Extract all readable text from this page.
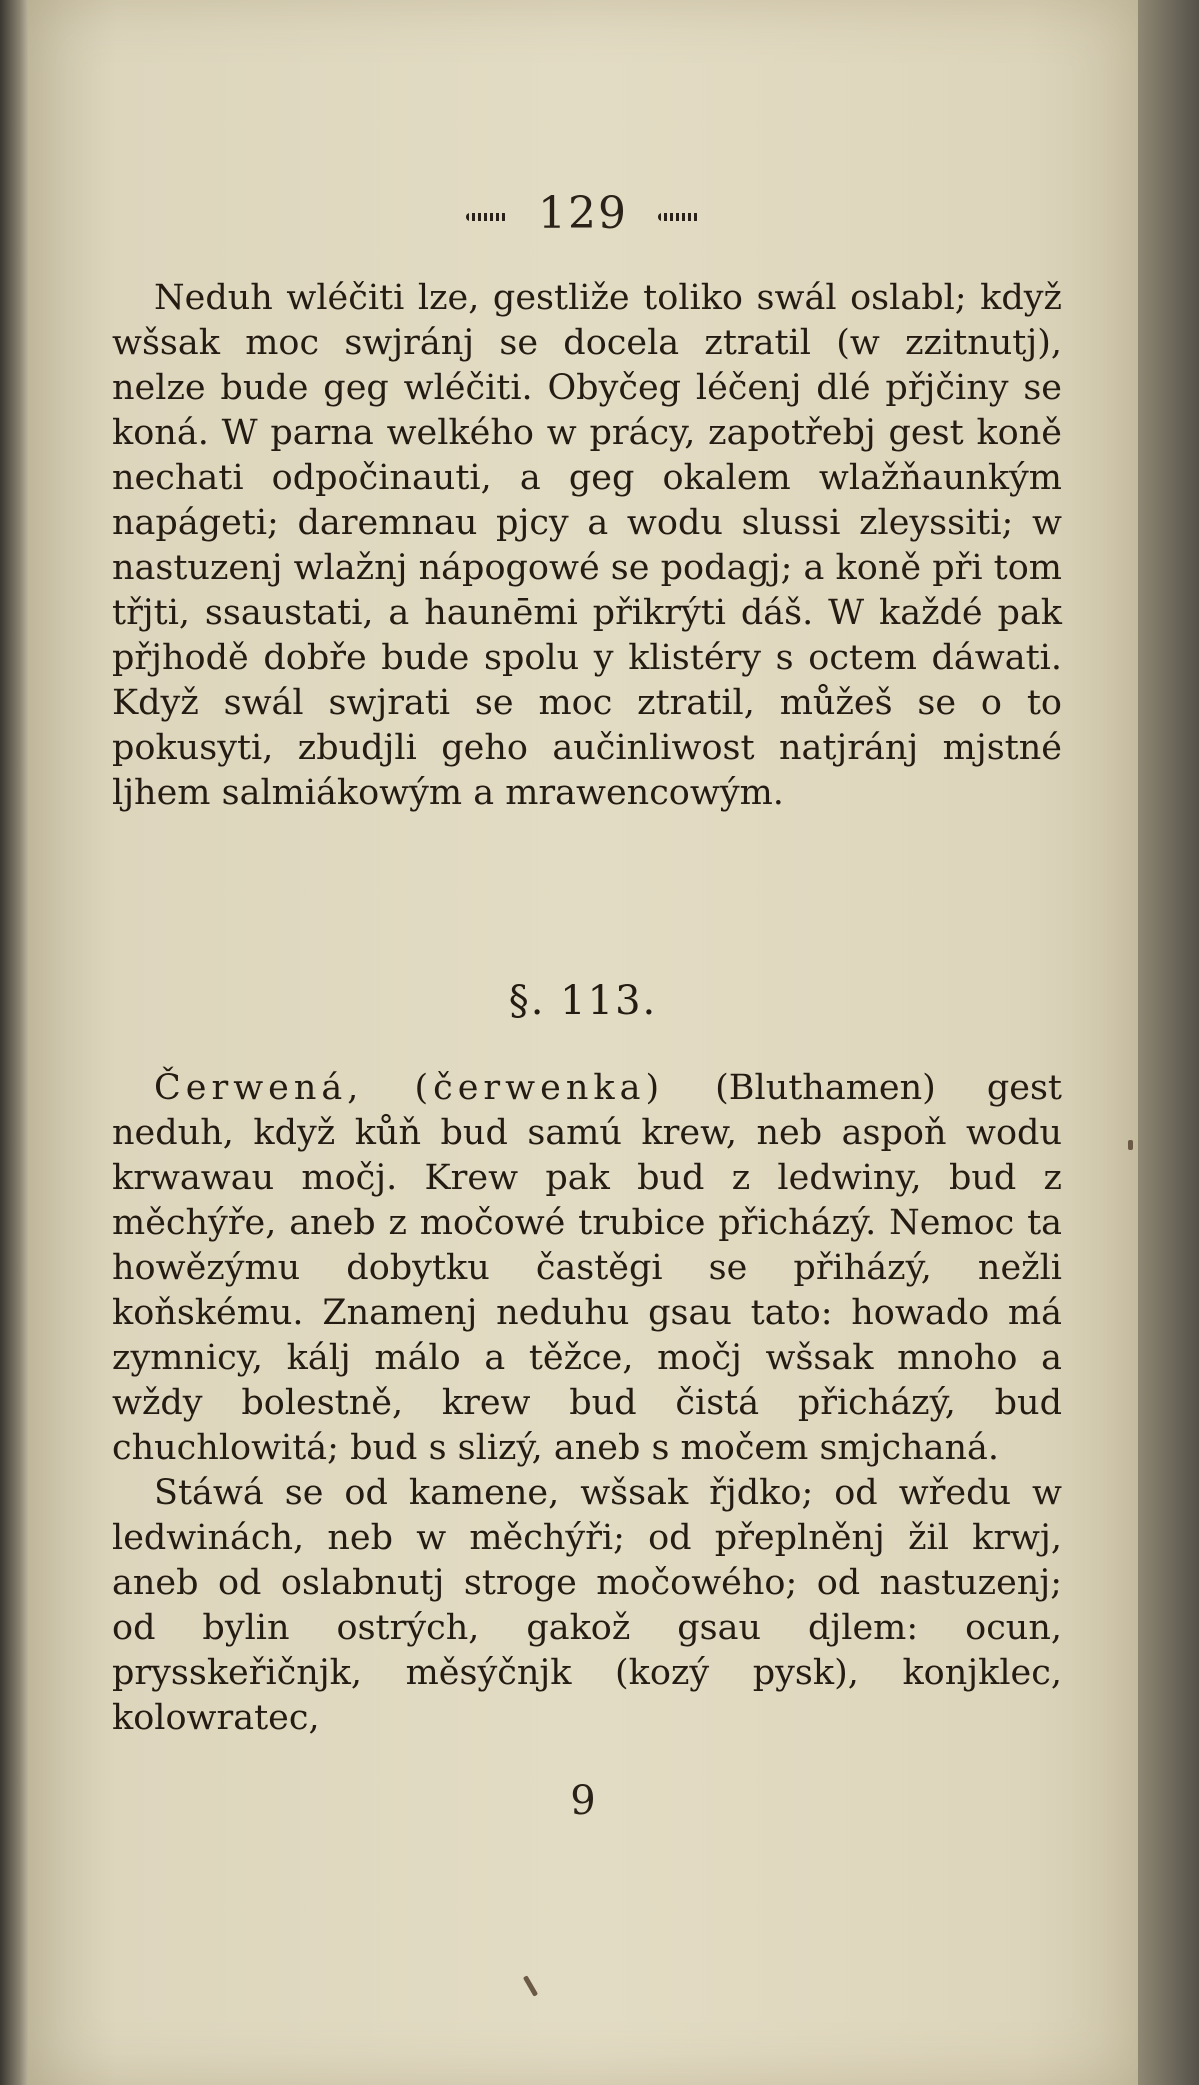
129

Neduh wléčiti lze, gestliže toliko swál oslabl; když wšsak moc swjránj se docela ztratil (w zzitnutj), nelze bude geg wléčiti. Obyčeg léčenj dlé přjčiny se koná. W parna welkého w prácy, zapotřebj gest koně nechati odpočinauti, a geg okalem wlažňaunkým napágeti; daremnau pjcy a wodu slussi zleyssiti; w nastuzenj wlažnj nápogowé se podagj; a koně při tom třjti, ssaustati, a haunēmi přikrýti dáš. W každé pak přjhodě dobře bude spolu y klistéry s octem dáwati. Když swál swjrati se moc ztratil, můžeš se o to pokusyti, zbudjli geho aučinliwost natjránj mjstné ljhem salmiákowým a mrawencowým.

§. 113.

Čerwená, (čerwenka) (Bluthamen) gest neduh, když kůň bud samú krew, neb aspoň wodu krwawau močj. Krew pak bud z ledwiny, bud z měchýře, aneb z močowé trubice přicházý. Nemoc ta howězýmu dobytku častěgi se přiházý, nežli koňskému. Znamenj neduhu gsau tato: howado má zymnicy, kálj málo a těžce, močj wšsak mnoho a wždy bolestně, krew bud čistá přicházý, bud chuchlowitá; bud s slizý, aneb s močem smjchaná.

Stáwá se od kamene, wšsak řjdko; od wředu w ledwinách, neb w měchýři; od přeplněnj žil krwj, aneb od oslabnutj stroge močowého; od nastuzenj; od bylin ostrých, gakož gsau djlem: ocun, prysskeřičnjk, měsýčnjk (kozý pysk), konjklec, kolowratec,

9
